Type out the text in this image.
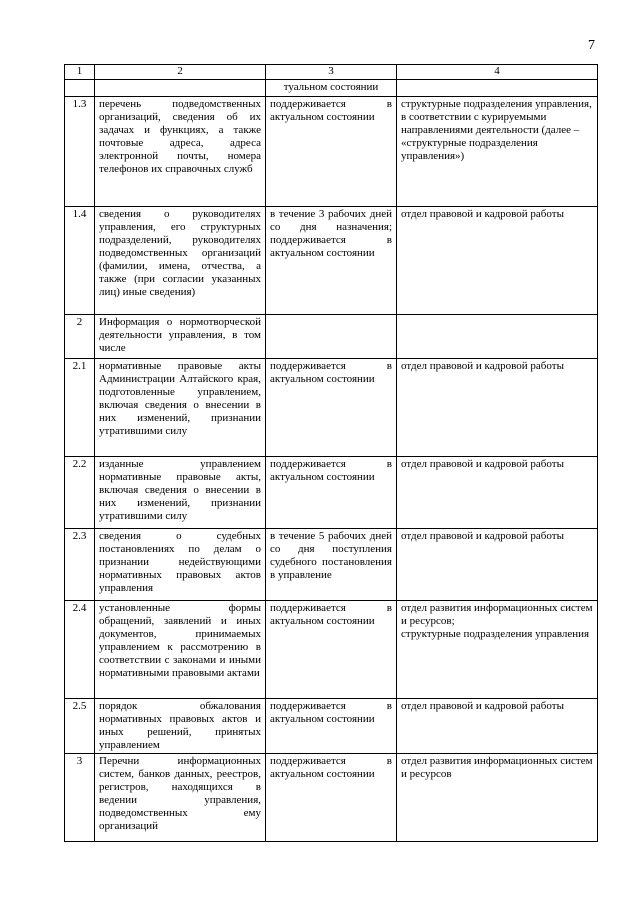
7
1	2	3	4
		туальном состоянии	
1.3	перечень подведомственных организаций, сведения об их задачах и функциях, а также почтовые адреса, адреса электронной почты, номера телефонов их справочных служб	поддерживается в актуальном состоянии	структурные подразделения управления, в соответствии с курируемыми направлениями деятельности (далее – «структурные подразделения управления»)

1.4	сведения о руководителях управления, его структурных подразделений, руководителях подведомственных организаций (фамилии, имена, отчества, а также (при согласии указанных лиц) иные сведения)	в течение 3 рабочих дней со дня назначения; поддерживается в актуальном состоянии	отдел правовой и кадровой работы

2	Информация о нормотворческой деятельности управления, в том числе		
2.1	нормативные правовые акты Администрации Алтайского края, подготовленные управлением, включая сведения о внесении в них изменений, признании утратившими силу	поддерживается в актуальном состоянии	отдел правовой и кадровой работы

2.2	изданные управлением нормативные правовые акты, включая сведения о внесении в них изменений, признании утратившими силу	поддерживается в актуальном состоянии	отдел правовой и кадровой работы

2.3	сведения о судебных постановлениях по делам о признании недействующими нормативных правовых актов управления	в течение 5 рабочих дней со дня поступления судебного постановления в управление	отдел правовой и кадровой работы

2.4	установленные формы обращений, заявлений и иных документов, принимаемых управлением к рассмотрению в соответствии с законами и иными нормативными правовыми актами	поддерживается в актуальном состоянии	отдел развития информационных систем и ресурсов;
структурные подразделения управления

2.5	порядок обжалования нормативных правовых актов и иных решений, принятых управлением	поддерживается в актуальном состоянии	отдел правовой и кадровой работы

3	Перечни информационных систем, банков данных, реестров, регистров, находящихся в ведении управления, подведомственных ему организаций	поддерживается в актуальном состоянии	отдел развития информационных систем и ресурсов
